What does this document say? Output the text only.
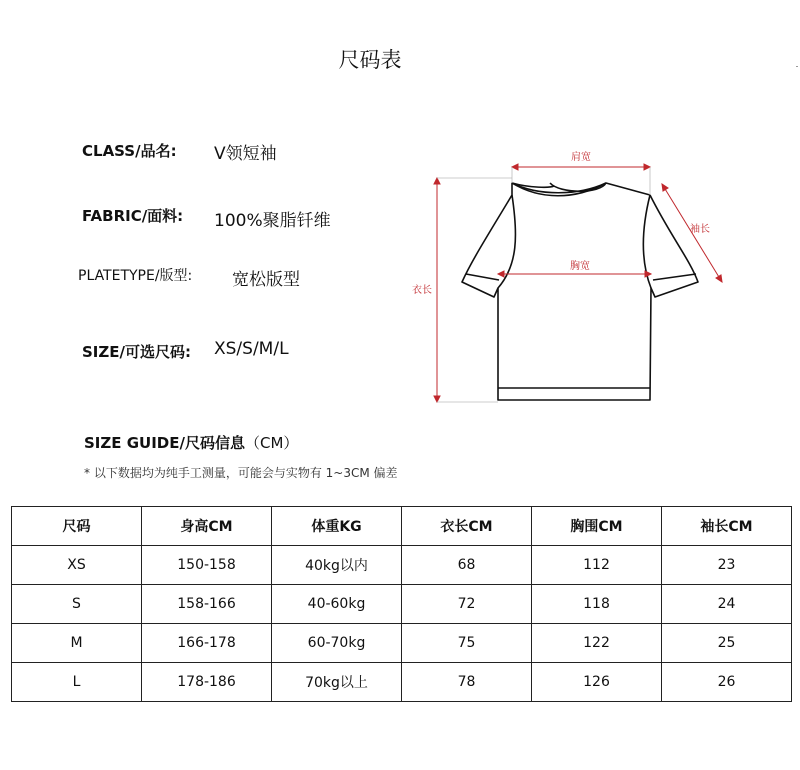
尺码表
CLASS/品名: V领短袖
FABRIC/面料: 100%聚脂钎维
PLATETYPE/版型: 宽松版型
SIZE/可选尺码: XS/S/M/L
SIZE GUIDE/尺码信息（CM）
* 以下数据均为纯手工测量，可能会与实物有 1~3CM 偏差
肩宽
胸宽
衣长
袖长
尺码	身高CM	体重KG	衣长CM	胸围CM	袖长CM
XS	150-158	40kg以内	68	112	23
S	158-166	40-60kg	72	118	24
M	166-178	60-70kg	75	122	25
L	178-186	70kg以上	78	126	26
